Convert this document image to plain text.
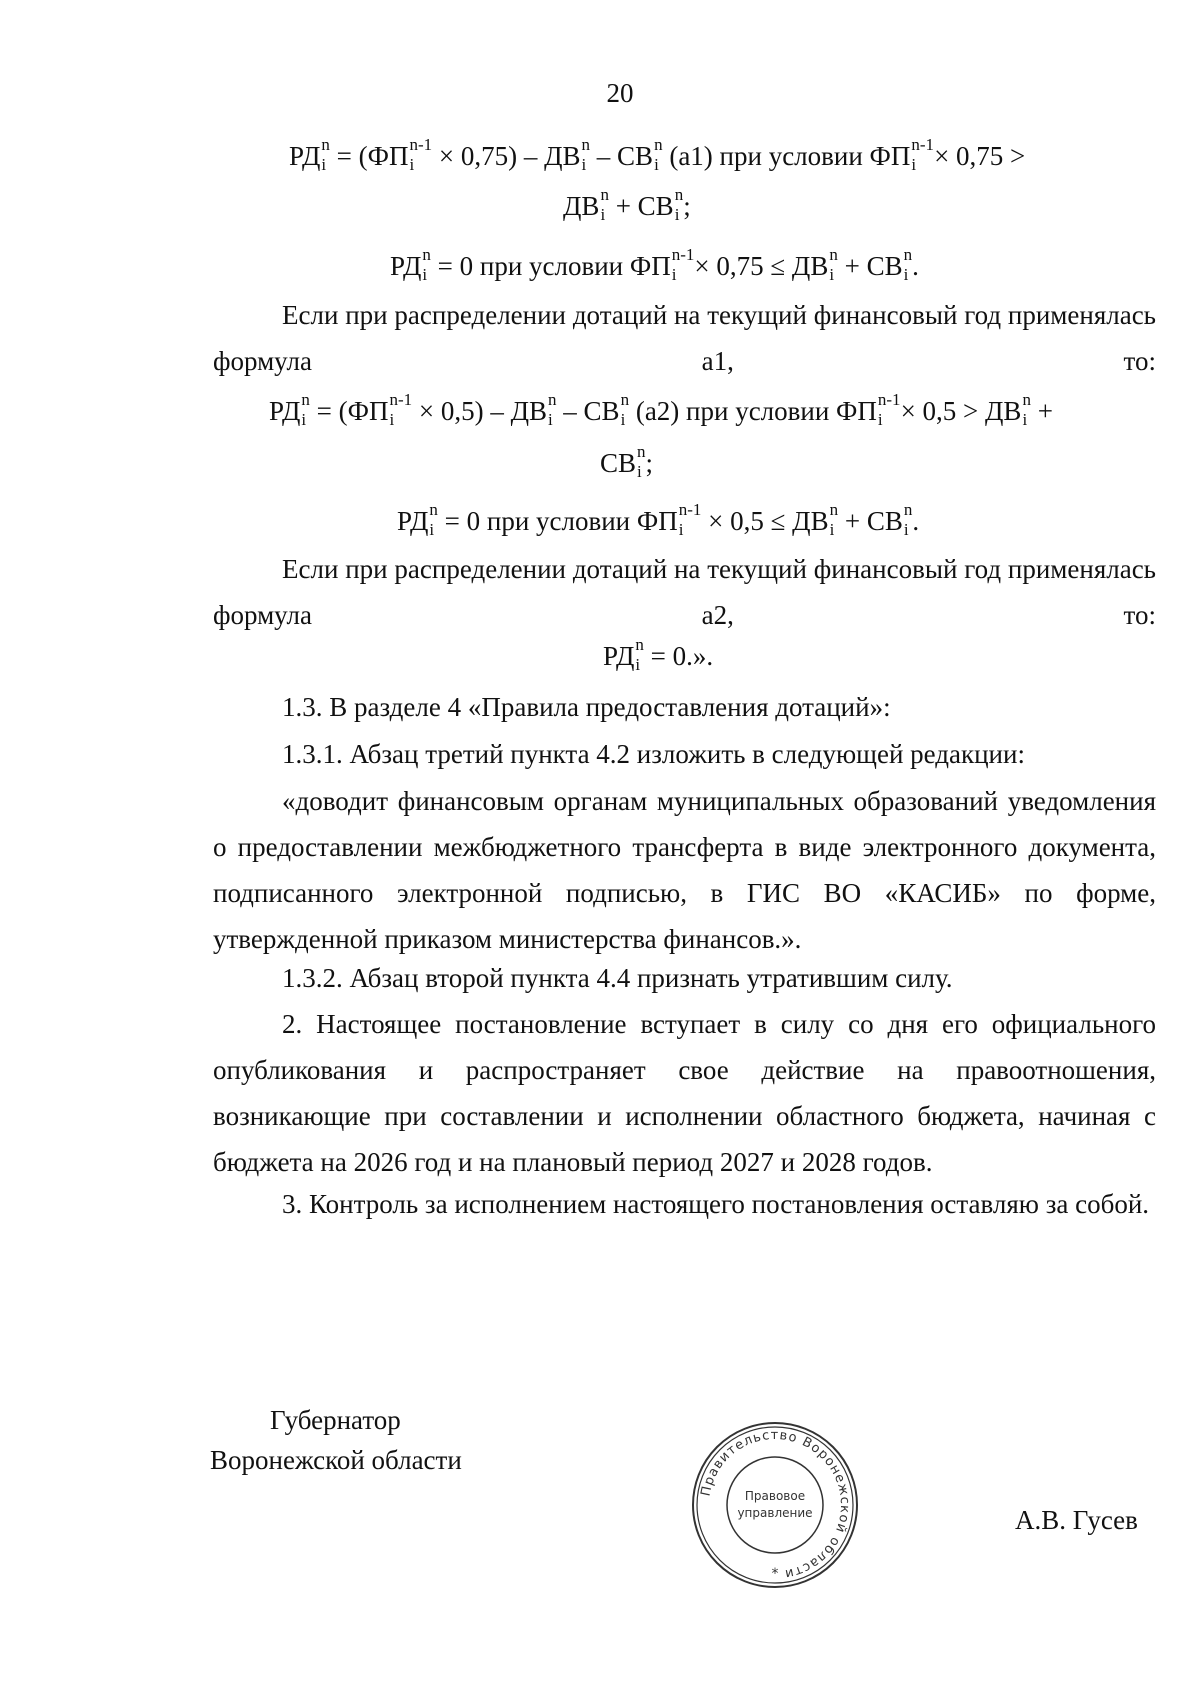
20
РД n
i = (ФП n-1
i × 0,75) – ДВ n
i – СВ n
i (а1) при условии ФП n-1
i × 0,75 >
ДВ n
i + СВ n
i ;
РД n
i = 0 при условии ФП n-1
i × 0,75 ≤ ДВ n
i + СВ n
i .
Если при распределении дотаций на текущий финансовый год применялась формула а1, то:
РД n
i = (ФП n-1
i × 0,5) – ДВ n
i – СВ n
i (а2) при условии ФП n-1
i × 0,5 > ДВ n
i +
СВ n
i ;
РД n
i = 0 при условии ФП n-1
i × 0,5 ≤ ДВ n
i + СВ n
i .
Если при распределении дотаций на текущий финансовый год применялась формула а2, то:
РД n
i = 0.».
1.3. В разделе 4 «Правила предоставления дотаций»:
1.3.1. Абзац третий пункта 4.2 изложить в следующей редакции:
«доводит финансовым органам муниципальных образований уведомления о предоставлении межбюджетного трансферта в виде электронного документа, подписанного электронной подписью, в ГИС ВО «КАСИБ» по форме, утвержденной приказом министерства финансов.».
1.3.2. Абзац второй пункта 4.4 признать утратившим силу.
2. Настоящее постановление вступает в силу со дня его официального опубликования и распространяет свое действие на правоотношения, возникающие при составлении и исполнении областного бюджета, начиная с бюджета на 2026 год и на плановый период 2027 и 2028 годов.
3. Контроль за исполнением настоящего постановления оставляю за собой.
Губернатор
Воронежской области
Правительство Воронежской области
Правовое
управление
*
А.В. Гусев
